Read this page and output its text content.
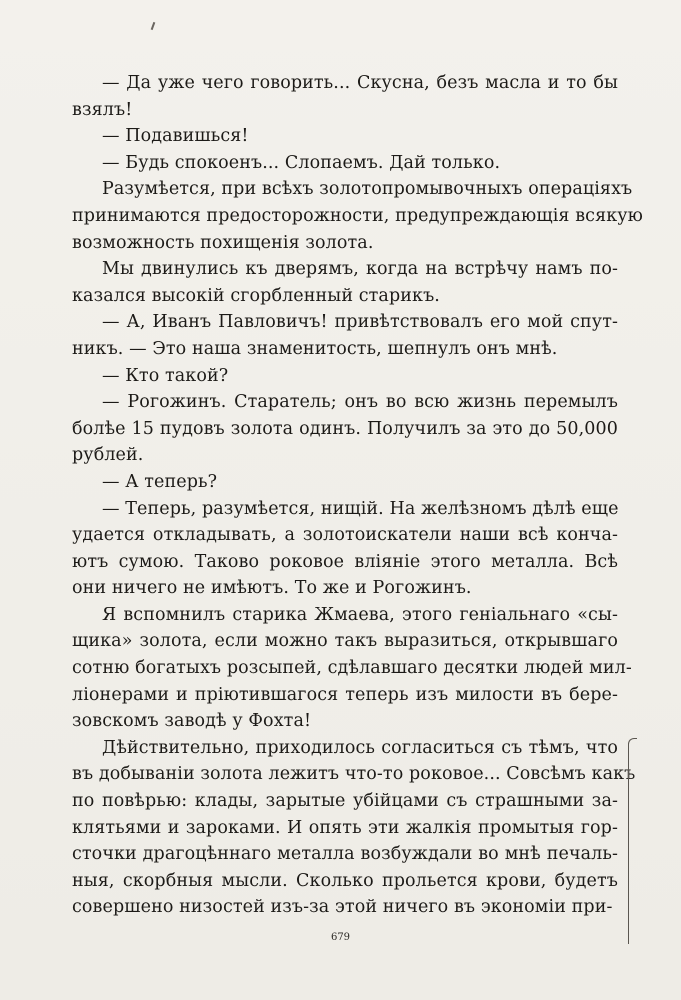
— Да уже чего говорить... Скусна, безъ масла и то бы
взялъ!
— Подавишься!
— Будь спокоенъ... Слопаемъ. Дай только.
Разумѣется, при всѣхъ золотопромывочныхъ операціяхъ
принимаются предосторожности, предупреждающія всякую
возможность похищенія золота.
Мы двинулись къ дверямъ, когда на встрѣчу намъ по-
казался высокій сгорбленный старикъ.
— А, Иванъ Павловичъ! привѣтствовалъ его мой спут-
никъ. — Это наша знаменитость, шепнулъ онъ мнѣ.
— Кто такой?
— Рогожинъ. Старатель; онъ во всю жизнь перемылъ
болѣе 15 пудовъ золота одинъ. Получилъ за это до 50,000
рублей.
— А теперь?
— Теперь, разумѣется, нищій. На желѣзномъ дѣлѣ еще
удается откладывать, а золотоискатели наши всѣ конча-
ютъ сумою. Таково роковое вліяніе этого металла. Всѣ
они ничего не имѣютъ. То же и Рогожинъ.
Я вспомнилъ старика Жмаева, этого геніальнаго «сы-
щика» золота, если можно такъ выразиться, открывшаго
сотню богатыхъ розсыпей, сдѣлавшаго десятки людей мил-
ліонерами и пріютившагося теперь изъ милости въ бере-
зовскомъ заводѣ у Фохта!
Дѣйствительно, приходилось согласиться съ тѣмъ, что
въ добываніи золота лежитъ что-то роковое... Совсѣмъ какъ
по повѣрью: клады, зарытые убійцами съ страшными за-
клятьями и зароками. И опять эти жалкія промытыя гор-
сточки драгоцѣннаго металла возбуждали во мнѣ печаль-
ныя, скорбныя мысли. Сколько прольется крови, будетъ
совершено низостей изъ-за этой ничего въ экономіи при-
679
